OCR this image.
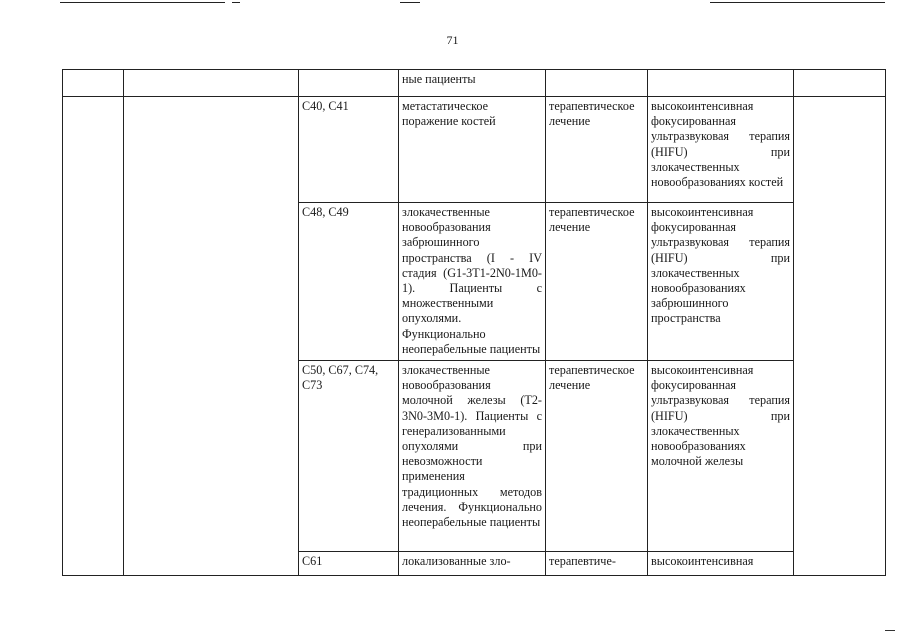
71
			ные пациенты			
		C40, C41	метастатическое поражение костей	терапевтическое лечение	высокоинтенсивная фокусированная ультразвуковая терапия (HIFU) при злокачественных новообразованиях костей	
		C48, C49	злокачественные новообразования забрюшинного пространства (I - IV стадия (G1-3T1-2N0-1M0-1). Пациенты с множественными опухолями. Функционально неоперабельные пациенты	терапевтическое лечение	высокоинтенсивная фокусированная ультразвуковая терапия (HIFU) при злокачественных новообразованиях забрюшинного пространства	
		C50, C67, C74, C73	злокачественные новообразования молочной железы (T2-3N0-3M0-1). Пациенты с генерализованными опухолями при невозможности применения традиционных методов лечения. Функционально неоперабельные пациенты	терапевтическое лечение	высокоинтенсивная фокусированная ультразвуковая терапия (HIFU) при злокачественных новообразованиях молочной железы	
		C61	локализованные зло-	терапевтиче-	высокоинтенсивная	
